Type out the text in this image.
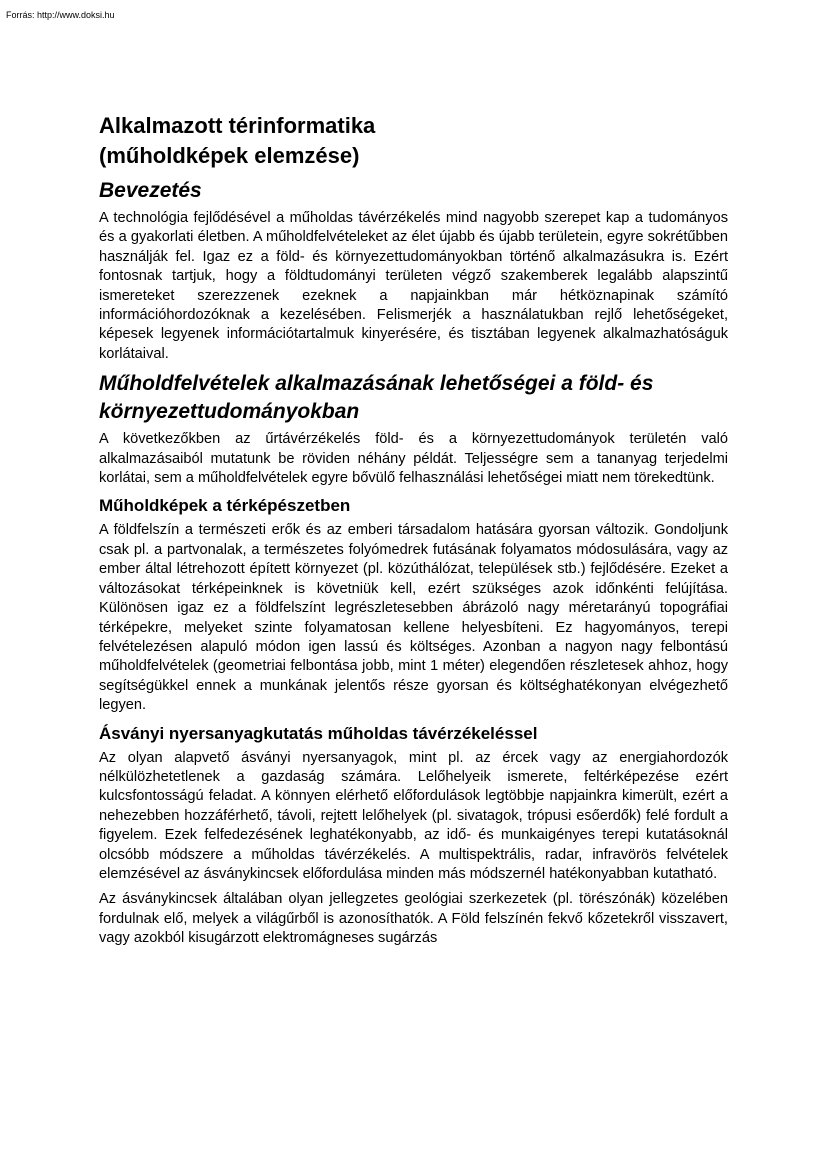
Forrás: http://www.doksi.hu
Alkalmazott térinformatika
(műholdképek elemzése)
Bevezetés

A technológia fejlődésével a műholdas távérzékelés mind nagyobb szerepet kap a tudományos és a gyakorlati életben. A műholdfelvételeket az élet újabb és újabb területein, egyre sokrétűbben használják fel. Igaz ez a föld- és környezettudományokban történő alkalmazásukra is. Ezért fontosnak tartjuk, hogy a földtudományi területen végző szakemberek legalább alapszintű ismereteket szerezzenek ezeknek a napjainkban már hétköznapinak számító információhordozóknak a kezelésében. Felismerjék a használatukban rejlő lehetőségeket, képesek legyenek információtartalmuk kinyerésére, és tisztában legyenek alkalmazhatóságuk korlátaival.

Műholdfelvételek alkalmazásának lehetőségei a föld- és környezettudományokban

A következőkben az űrtávérzékelés föld- és a környezettudományok területén való alkalmazásaiból mutatunk be röviden néhány példát. Teljességre sem a tananyag terjedelmi korlátai, sem a műholdfelvételek egyre bővülő felhasználási lehetőségei miatt nem törekedtünk.

Műholdképek a térképészetben

A földfelszín a természeti erők és az emberi társadalom hatására gyorsan változik. Gondoljunk csak pl. a partvonalak, a természetes folyómedrek futásának folyamatos módosulására, vagy az ember által létrehozott épített környezet (pl. közúthálózat, települések stb.) fejlődésére. Ezeket a változásokat térképeinknek is követniük kell, ezért szükséges azok időnkénti felújítása. Különösen igaz ez a földfelszínt legrészletesebben ábrázoló nagy méretarányú topográfiai térképekre, melyeket szinte folyamatosan kellene helyesbíteni. Ez hagyományos, terepi felvételezésen alapuló módon igen lassú és költséges. Azonban a nagyon nagy felbontású műholdfelvételek (geometriai felbontása jobb, mint 1 méter) elegendően részletesek ahhoz, hogy segítségükkel ennek a munkának jelentős része gyorsan és költséghatékonyan elvégezhető legyen.

Ásványi nyersanyagkutatás műholdas távérzékeléssel

Az olyan alapvető ásványi nyersanyagok, mint pl. az ércek vagy az energiahordozók nélkülözhetetlenek a gazdaság számára. Lelőhelyeik ismerete, feltérképezése ezért kulcsfontosságú feladat. A könnyen elérhető előfordulások legtöbbje napjainkra kimerült, ezért a nehezebben hozzáférhető, távoli, rejtett lelőhelyek (pl. sivatagok, trópusi esőerdők) felé fordult a figyelem. Ezek felfedezésének leghatékonyabb, az idő- és munkaigényes terepi kutatásoknál olcsóbb módszere a műholdas távérzékelés. A multispektrális, radar, infravörös felvételek elemzésével az ásványkincsek előfordulása minden más módszernél hatékonyabban kutatható.

Az ásványkincsek általában olyan jellegzetes geológiai szerkezetek (pl. törészónák) közelében fordulnak elő, melyek a világűrből is azonosíthatók. A Föld felszínén fekvő kőzetekről visszavert, vagy azokból kisugárzott elektromágneses sugárzás
